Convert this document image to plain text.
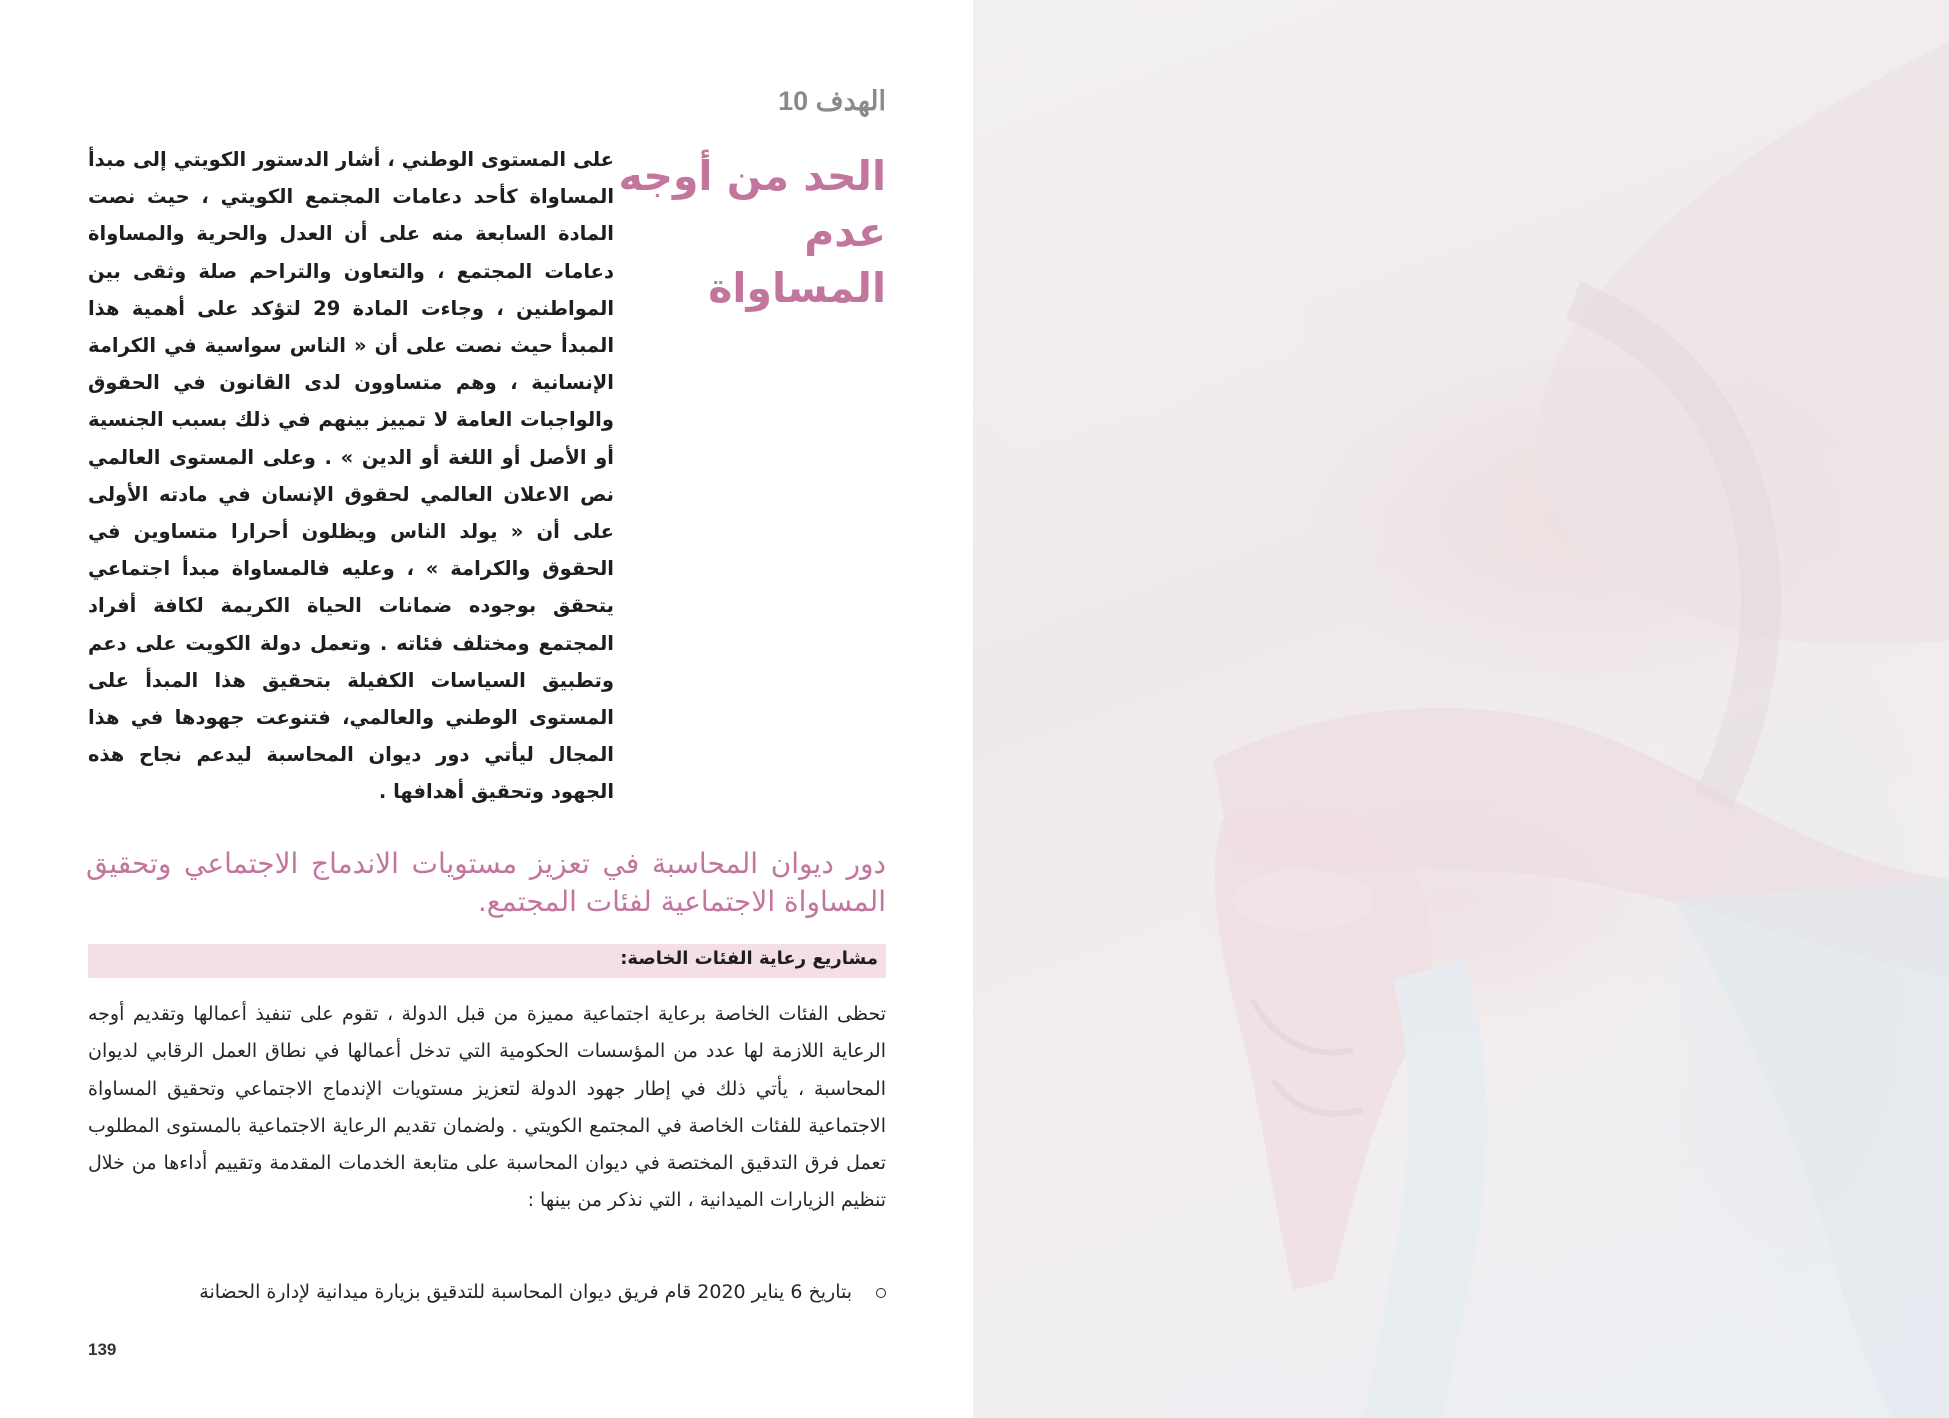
الهدف 10
الحد من أوجه
عدم المساواة
على المستوى الوطني ، أشار الدستور الكويتي إلى مبدأ المساواة كأحد دعامات المجتمع الكويتي ، حيث نصت المادة السابعة منه على أن العدل والحرية والمساواة دعامات المجتمع ، والتعاون والتراحم صلة وثقى بين المواطنين ، وجاءت المادة 29 لتؤكد على أهمية هذا المبدأ حيث نصت على أن « الناس سواسية في الكرامة الإنسانية ، وهم متساوون لدى القانون في الحقوق والواجبات العامة لا تمييز بينهم في ذلك بسبب الجنسية أو الأصل أو اللغة أو الدين » . وعلى المستوى العالمي نص الاعلان العالمي لحقوق الإنسان في مادته الأولى على أن « يولد الناس ويظلون أحرارا متساوين في الحقوق والكرامة » ، وعليه فالمساواة مبدأ اجتماعي يتحقق بوجوده ضمانات الحياة الكريمة لكافة أفراد المجتمع ومختلف فئاته . وتعمل دولة الكويت على دعم وتطبيق السياسات الكفيلة بتحقيق هذا المبدأ على المستوى الوطني والعالمي، فتنوعت جهودها في هذا المجال ليأتي دور ديوان المحاسبة ليدعم نجاح هذه الجهود وتحقيق أهدافها .
دور ديوان المحاسبة في تعزيز مستويات الاندماج الاجتماعي وتحقيق المساواة الاجتماعية لفئات المجتمع.
مشاريع رعاية الفئات الخاصة:
تحظى الفئات الخاصة برعاية اجتماعية مميزة من قبل الدولة ، تقوم على تنفيذ أعمالها وتقديم أوجه الرعاية اللازمة لها عدد من المؤسسات الحكومية التي تدخل أعمالها في نطاق العمل الرقابي لديوان المحاسبة ، يأتي ذلك في إطار جهود الدولة لتعزيز مستويات الإندماج الاجتماعي وتحقيق المساواة الاجتماعية للفئات الخاصة في المجتمع الكويتي . ولضمان تقديم الرعاية الاجتماعية بالمستوى المطلوب تعمل فرق التدقيق المختصة في ديوان المحاسبة على متابعة الخدمات المقدمة وتقييم أداءها من خلال تنظيم الزيارات الميدانية ، التي نذكر من بينها :
بتاريخ 6 يناير 2020 قام فريق ديوان المحاسبة للتدقيق بزيارة ميدانية لإدارة الحضانة
139
